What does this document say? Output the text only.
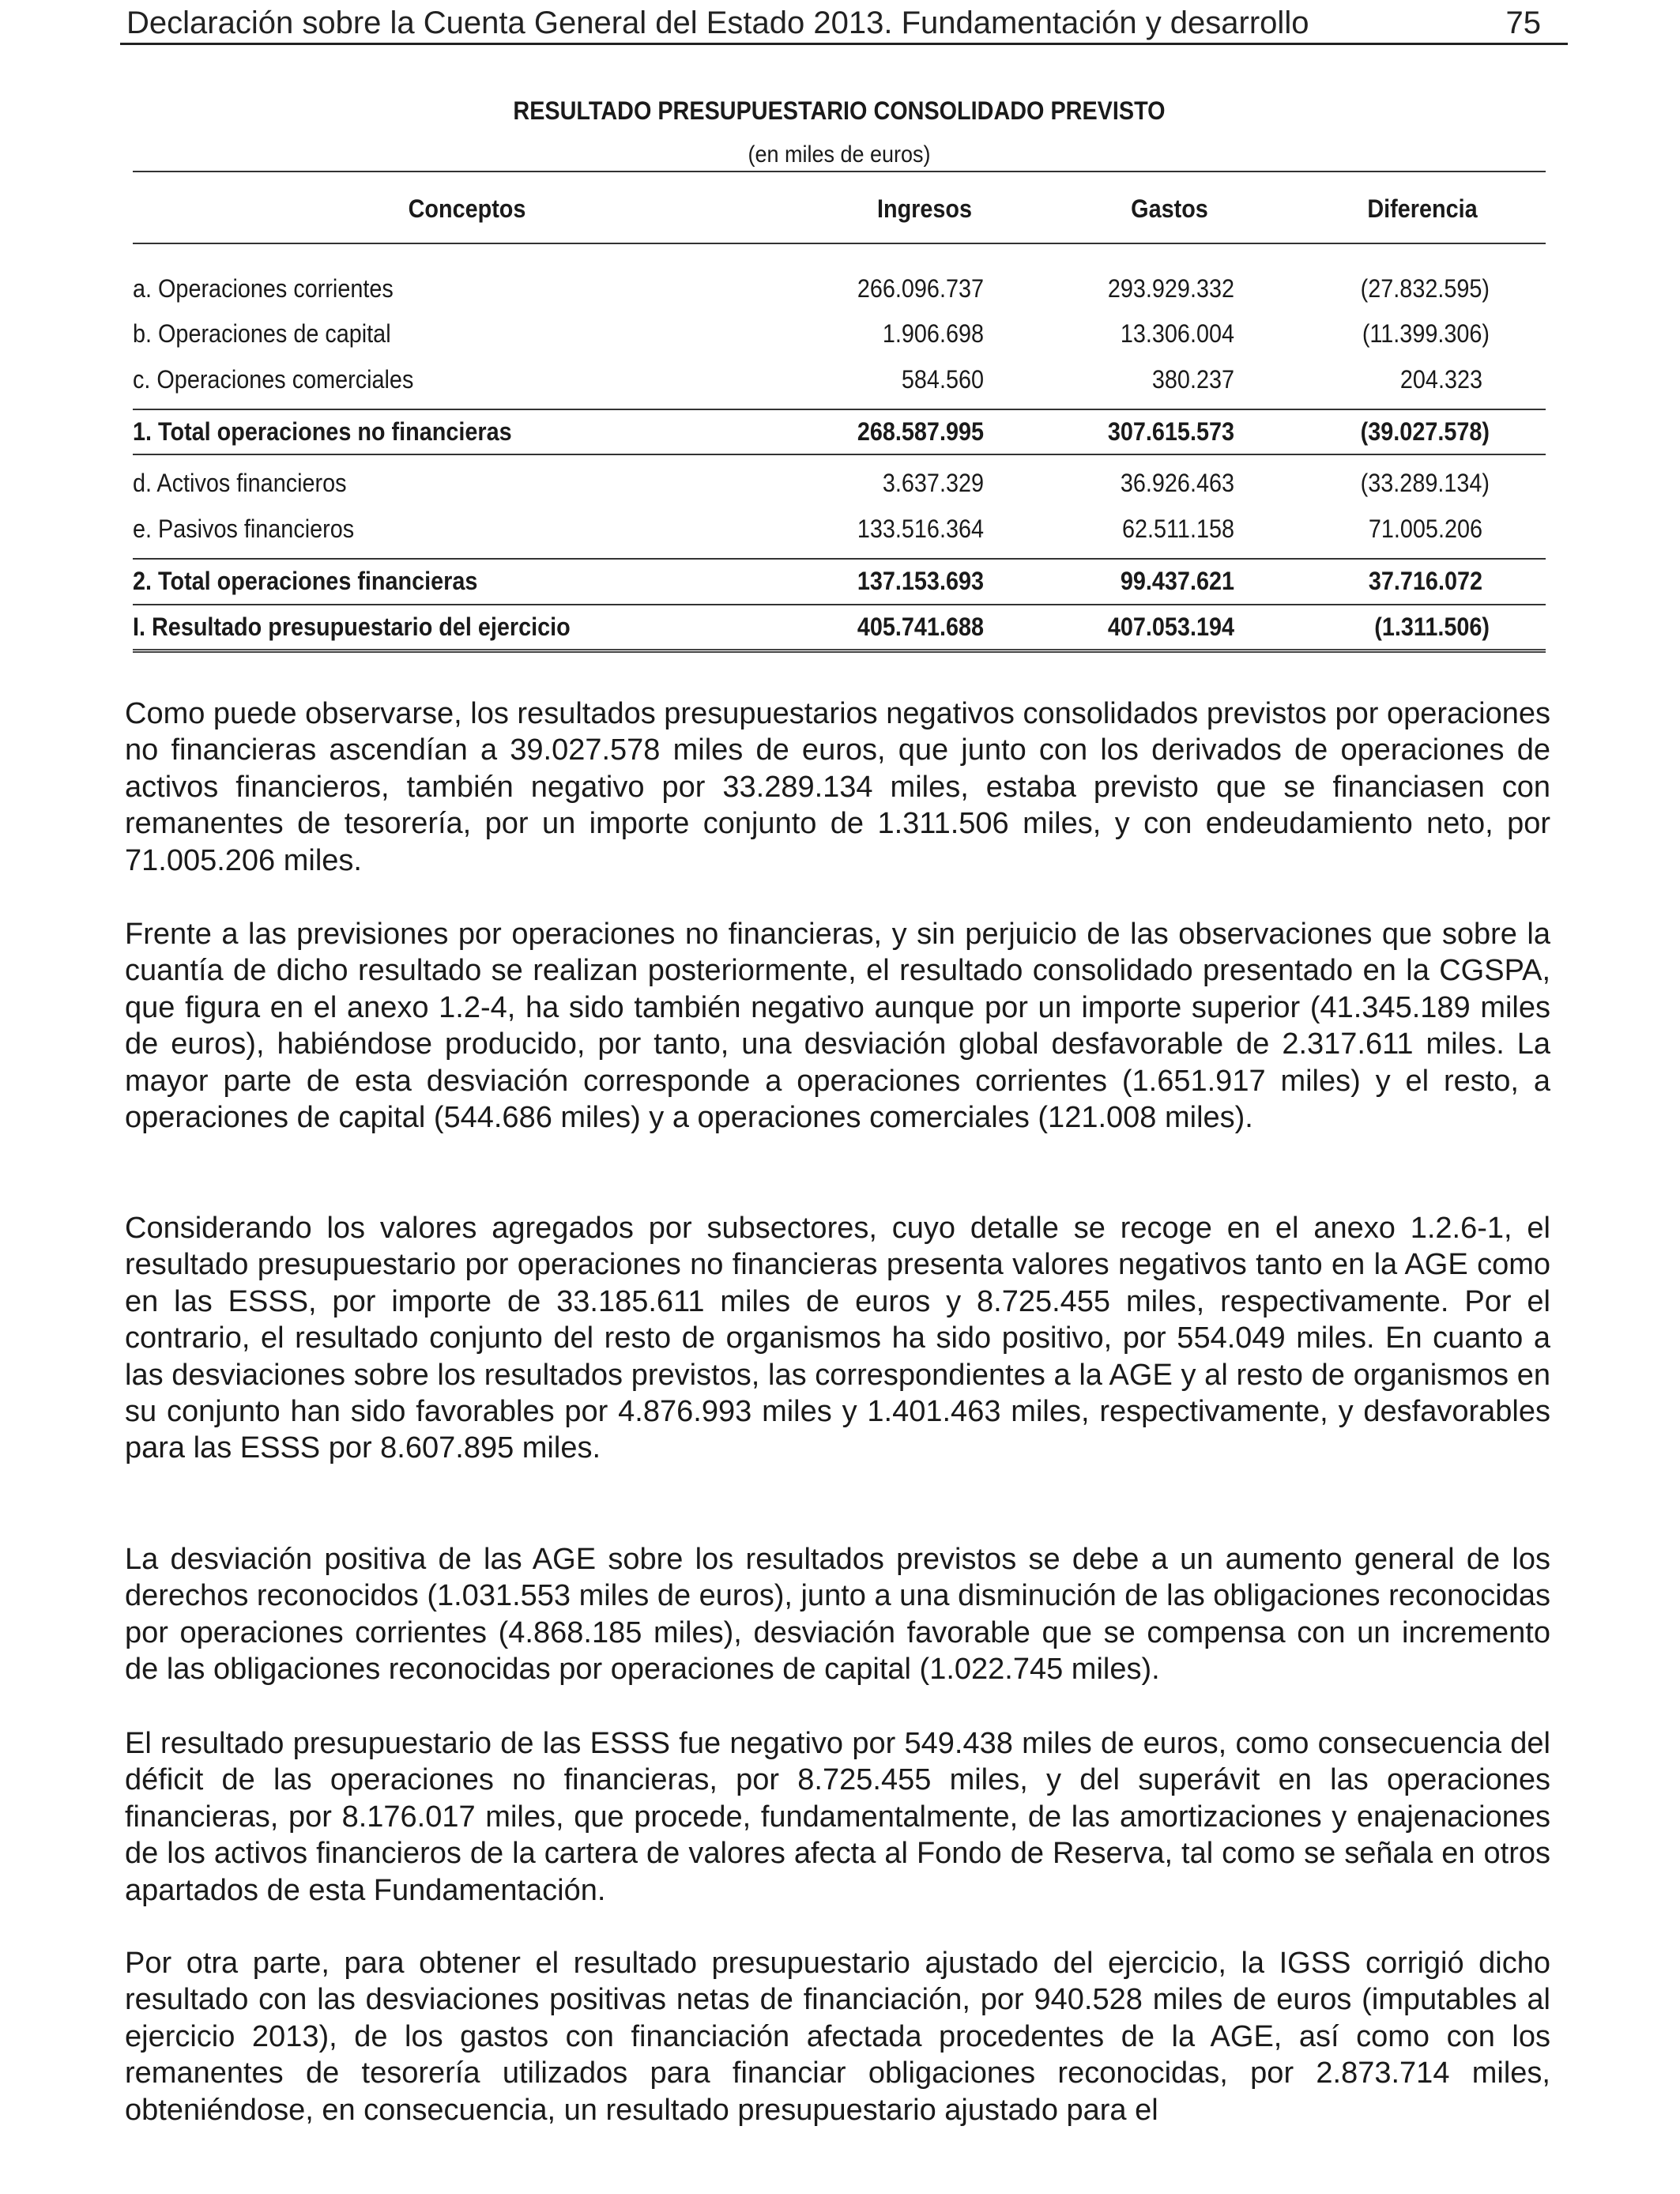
Declaración sobre la Cuenta General del Estado 2013. Fundamentación y desarrollo	75
RESULTADO PRESUPUESTARIO CONSOLIDADO PREVISTO
(en miles de euros)
Conceptos	Ingresos	Gastos	Diferencia
a. Operaciones corrientes	266.096.737	293.929.332	(27.832.595)
b. Operaciones de capital	1.906.698	13.306.004	(11.399.306)
c. Operaciones comerciales	584.560	380.237	204.323
1. Total operaciones no financieras	268.587.995	307.615.573	(39.027.578)
d. Activos financieros	3.637.329	36.926.463	(33.289.134)
e. Pasivos financieros	133.516.364	62.511.158	71.005.206
2. Total operaciones financieras	137.153.693	99.437.621	37.716.072
I. Resultado presupuestario del ejercicio	405.741.688	407.053.194	(1.311.506)

Como puede observarse, los resultados presupuestarios negativos consolidados previstos por operaciones no financieras ascendían a 39.027.578 miles de euros, que junto con los derivados de operaciones de activos financieros, también negativo por 33.289.134 miles, estaba previsto que se financiasen con remanentes de tesorería, por un importe conjunto de 1.311.506 miles, y con endeudamiento neto, por 71.005.206 miles.

Frente a las previsiones por operaciones no financieras, y sin perjuicio de las observaciones que sobre la cuantía de dicho resultado se realizan posteriormente, el resultado consolidado presentado en la CGSPA, que figura en el anexo 1.2-4, ha sido también negativo aunque por un importe superior (41.345.189 miles de euros), habiéndose producido, por tanto, una desviación global desfavorable de 2.317.611 miles. La mayor parte de esta desviación corresponde a operaciones corrientes (1.651.917 miles) y el resto, a operaciones de capital (544.686 miles) y a operaciones comerciales (121.008 miles).

Considerando los valores agregados por subsectores, cuyo detalle se recoge en el anexo 1.2.6-1, el resultado presupuestario por operaciones no financieras presenta valores negativos tanto en la AGE como en las ESSS, por importe de 33.185.611 miles de euros y 8.725.455 miles, respectivamente. Por el contrario, el resultado conjunto del resto de organismos ha sido positivo, por 554.049 miles. En cuanto a las desviaciones sobre los resultados previstos, las correspondientes a la AGE y al resto de organismos en su conjunto han sido favorables por 4.876.993 miles y 1.401.463 miles, respectivamente, y desfavorables para las ESSS por 8.607.895 miles.

La desviación positiva de las AGE sobre los resultados previstos se debe a un aumento general de los derechos reconocidos (1.031.553 miles de euros), junto a una disminución de las obligaciones reconocidas por operaciones corrientes (4.868.185 miles), desviación favorable que se compensa con un incremento de las obligaciones reconocidas por operaciones de capital (1.022.745 miles).

El resultado presupuestario de las ESSS fue negativo por 549.438 miles de euros, como consecuencia del déficit de las operaciones no financieras, por 8.725.455 miles, y del superávit en las operaciones financieras, por 8.176.017 miles, que procede, fundamentalmente, de las amortizaciones y enajenaciones de los activos financieros de la cartera de valores afecta al Fondo de Reserva, tal como se señala en otros apartados de esta Fundamentación.

Por otra parte, para obtener el resultado presupuestario ajustado del ejercicio, la IGSS corrigió dicho resultado con las desviaciones positivas netas de financiación, por 940.528 miles de euros (imputables al ejercicio 2013), de los gastos con financiación afectada procedentes de la AGE, así como con los remanentes de tesorería utilizados para financiar obligaciones reconocidas, por 2.873.714 miles, obteniéndose, en consecuencia, un resultado presupuestario ajustado para el
